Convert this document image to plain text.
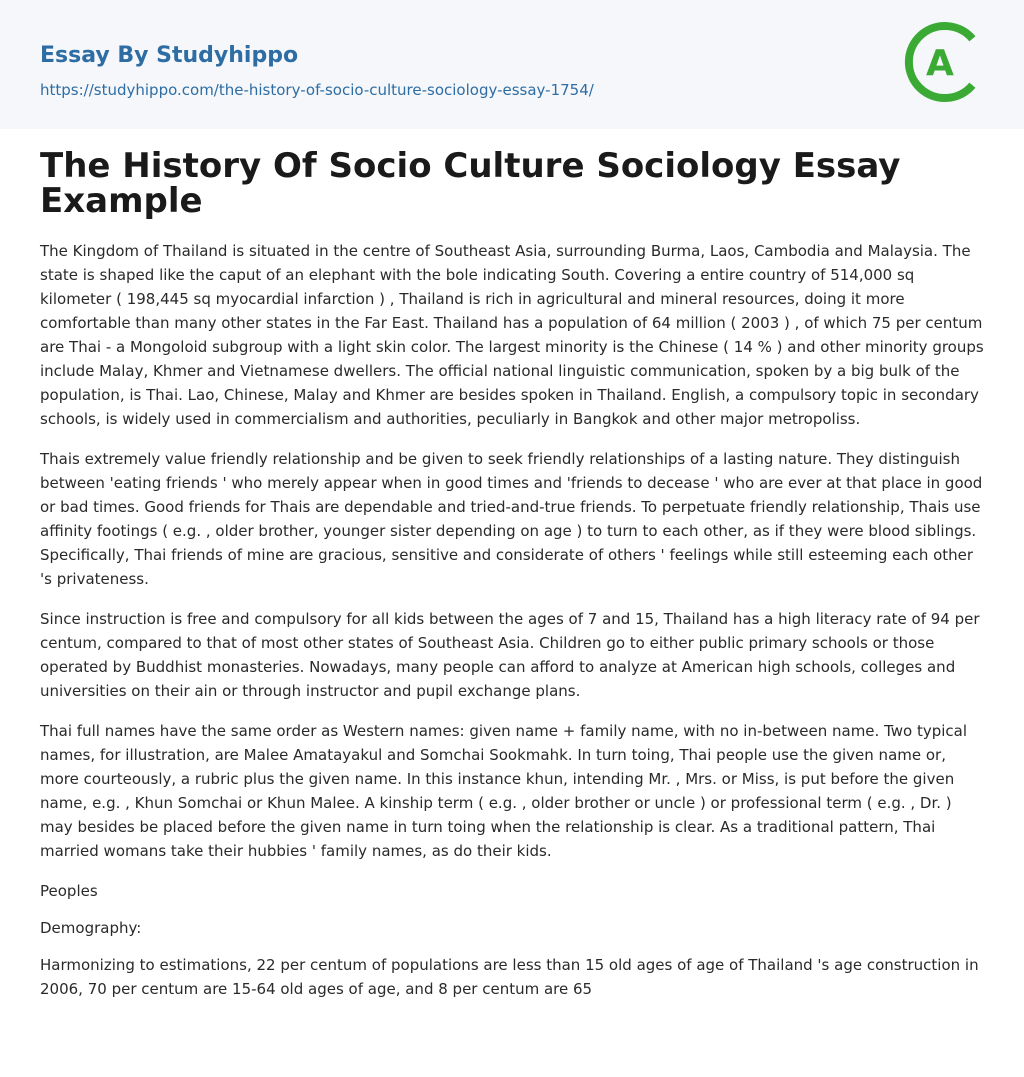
Essay By Studyhippo
https://studyhippo.com/the-history-of-socio-culture-sociology-essay-1754/
A
The History Of Socio Culture Sociology Essay Example

The Kingdom of Thailand is situated in the centre of Southeast Asia, surrounding Burma, Laos, Cambodia and Malaysia. The state is shaped like the caput of an elephant with the bole indicating South. Covering a entire country of 514,000 sq kilometer ( 198,445 sq myocardial infarction ) , Thailand is rich in agricultural and mineral resources, doing it more comfortable than many other states in the Far East. Thailand has a population of 64 million ( 2003 ) , of which 75 per centum are Thai - a Mongoloid subgroup with a light skin color. The largest minority is the Chinese ( 14 % ) and other minority groups include Malay, Khmer and Vietnamese dwellers. The official national linguistic communication, spoken by a big bulk of the population, is Thai. Lao, Chinese, Malay and Khmer are besides spoken in Thailand. English, a compulsory topic in secondary schools, is widely used in commercialism and authorities, peculiarly in Bangkok and other major metropoliss.

Thais extremely value friendly relationship and be given to seek friendly relationships of a lasting nature. They distinguish between 'eating friends ' who merely appear when in good times and 'friends to decease ' who are ever at that place in good or bad times. Good friends for Thais are dependable and tried-and-true friends. To perpetuate friendly relationship, Thais use affinity footings ( e.g. , older brother, younger sister depending on age ) to turn to each other, as if they were blood siblings. Specifically, Thai friends of mine are gracious, sensitive and considerate of others ' feelings while still esteeming each other 's privateness.

Since instruction is free and compulsory for all kids between the ages of 7 and 15, Thailand has a high literacy rate of 94 per centum, compared to that of most other states of Southeast Asia. Children go to either public primary schools or those operated by Buddhist monasteries. Nowadays, many people can afford to analyze at American high schools, colleges and universities on their ain or through instructor and pupil exchange plans.

Thai full names have the same order as Western names: given name + family name, with no in-between name. Two typical names, for illustration, are Malee Amatayakul and Somchai Sookmahk. In turn toing, Thai people use the given name or, more courteously, a rubric plus the given name. In this instance khun, intending Mr. , Mrs. or Miss, is put before the given name, e.g. , Khun Somchai or Khun Malee. A kinship term ( e.g. , older brother or uncle ) or professional term ( e.g. , Dr. ) may besides be placed before the given name in turn toing when the relationship is clear. As a traditional pattern, Thai married womans take their hubbies ' family names, as do their kids.

Peoples

Demography:

Harmonizing to estimations, 22 per centum of populations are less than 15 old ages of age of Thailand 's age construction in 2006, 70 per centum are 15-64 old ages of age, and 8 per centum are 65
